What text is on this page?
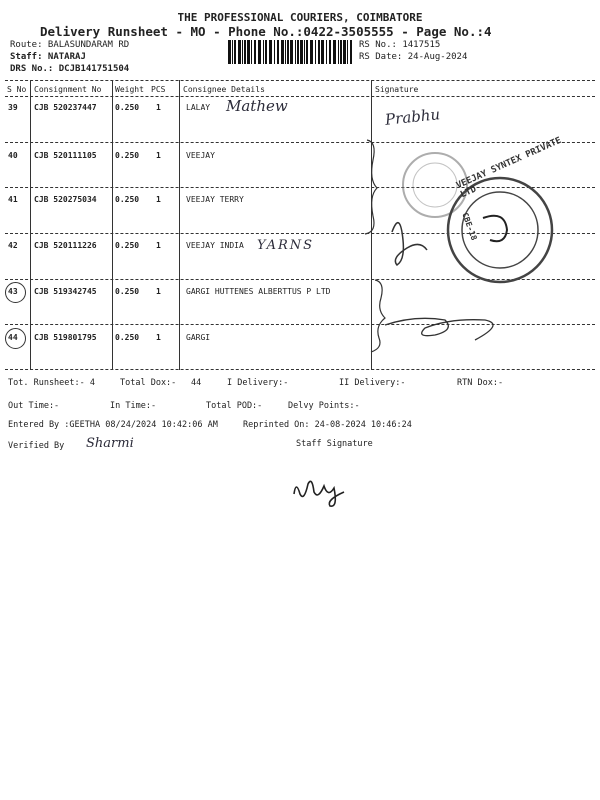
THE PROFESSIONAL COURIERS, COIMBATORE
Delivery Runsheet - MO - Phone No.:0422-3505555 - Page No.:4
Route: BALASUNDARAM RD
Staff: NATARAJ
DRS No.: DCJB141751504
RS No.: 1417515
RS Date: 24-Aug-2024
S No Consignment No Weight PCS Consignee Details	Signature
39 CJB 520237447 0.250 1	LALAY Mathew
40 CJB 520111105 0.250 1	VEEJAY
41 CJB 520275034 0.250 1	VEEJAY TERRY
42 CJB 520111226 0.250 1	VEEJAY INDIA YARNS
43 CJB 519342745 0.250 1	GARGI HUTTENES ALBERTTUS P LTD
44 CJB 519801795 0.250 1	GARGI
Prabhu
VEEJAY SYNTEX PRIVATE LTD
CBE-18
Tot. Runsheet:- 4	Total Dox:- 44	I Delivery:-	II Delivery:-	RTN Dox:-
Out Time:-	In Time:-	Total POD:-	Delvy Points:-
Entered By :GEETHA 08/24/2024 10:42:06 AM	Reprinted On: 24-08-2024 10:46:24
Verified By Sharmi	Staff Signature
